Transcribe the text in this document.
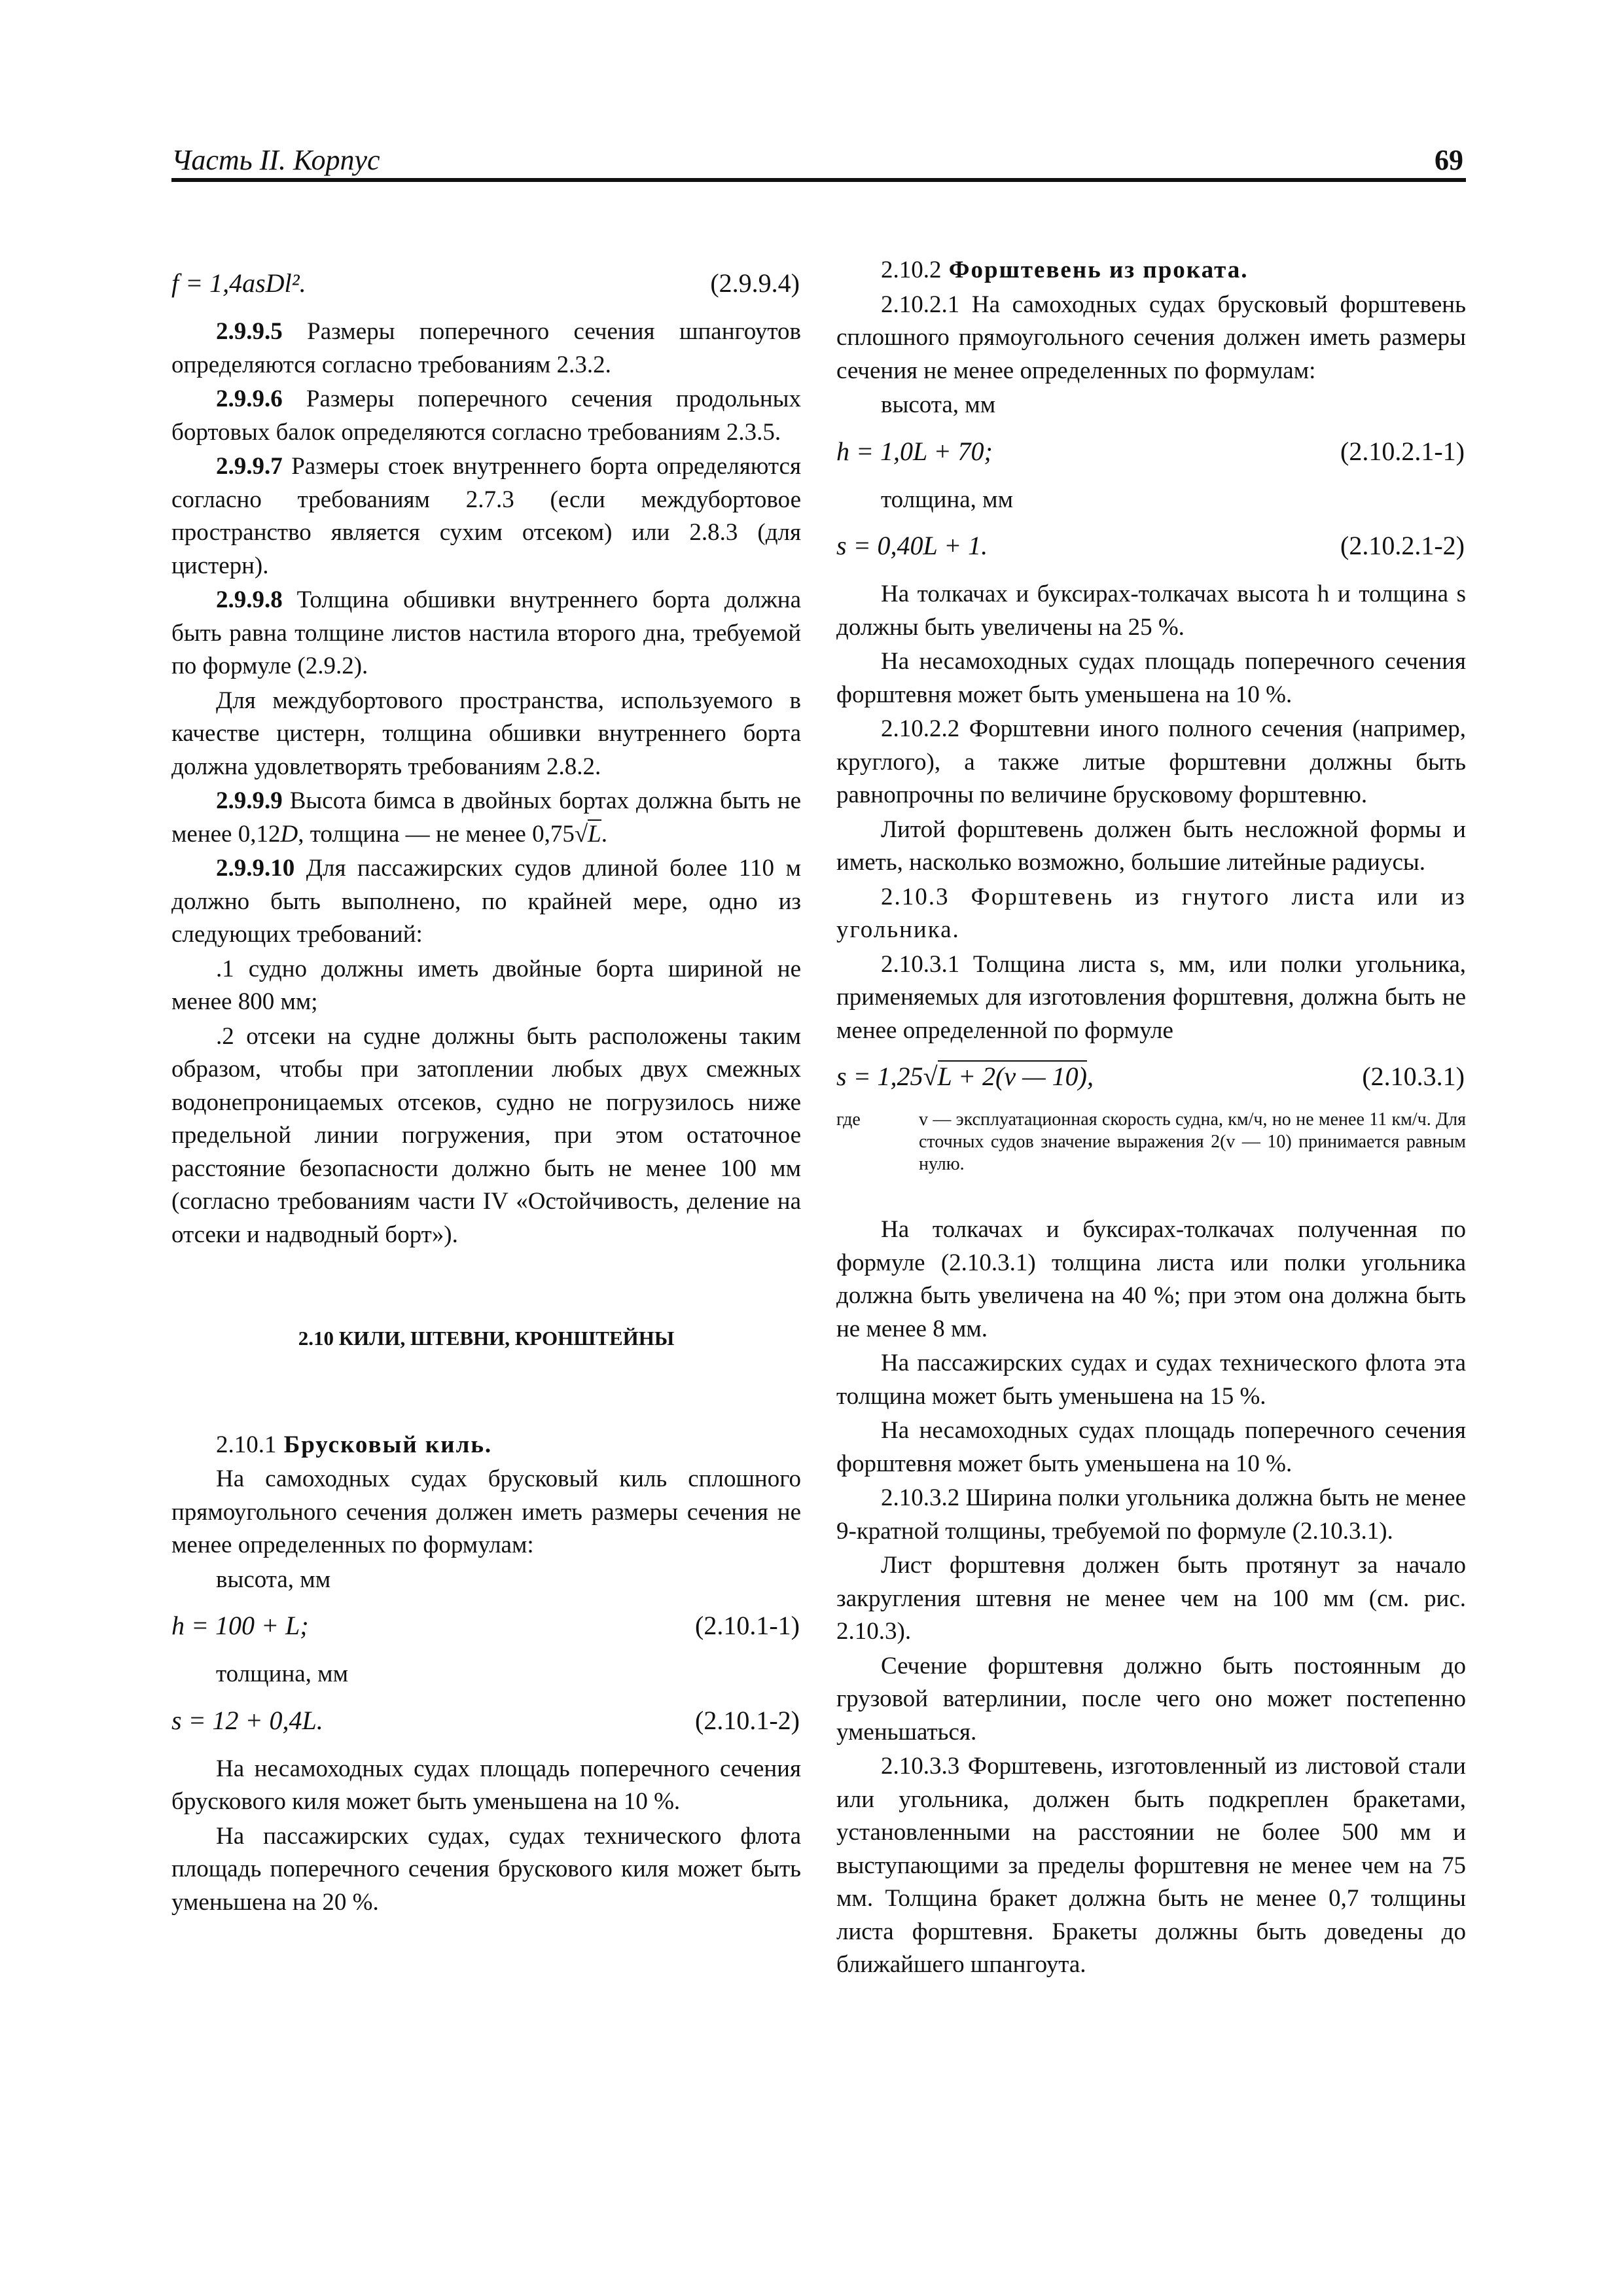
Часть II. Корпус	69
f = 1,4asDl².	(2.9.9.4)

2.9.9.5 Размеры поперечного сечения шпангоутов определяются согласно требованиям 2.3.2.

2.9.9.6 Размеры поперечного сечения продольных бортовых балок определяются согласно требованиям 2.3.5.

2.9.9.7 Размеры стоек внутреннего борта определяются согласно требованиям 2.7.3 (если междубортовое пространство является сухим отсеком) или 2.8.3 (для цистерн).

2.9.9.8 Толщина обшивки внутреннего борта должна быть равна толщине листов настила второго дна, требуемой по формуле (2.9.2).

Для междубортового пространства, используемого в качестве цистерн, толщина обшивки внутреннего борта должна удовлетворять требованиям 2.8.2.

2.9.9.9 Высота бимса в двойных бортах должна быть не менее 0,12D, толщина — не менее 0,75√L.

2.9.9.10 Для пассажирских судов длиной более 110 м должно быть выполнено, по крайней мере, одно из следующих требований:

.1 судно должны иметь двойные борта шириной не менее 800 мм;

.2 отсеки на судне должны быть расположены таким образом, чтобы при затоплении любых двух смежных водонепроницаемых отсеков, судно не погрузилось ниже предельной линии погружения, при этом остаточное расстояние безопасности должно быть не менее 100 мм (согласно требованиям части IV «Остойчивость, деление на отсеки и надводный борт»).

2.10 КИЛИ, ШТЕВНИ, КРОНШТЕЙНЫ

2.10.1 Брусковый киль.

На самоходных судах брусковый киль сплошного прямоугольного сечения должен иметь размеры сечения не менее определенных по формулам:

высота, мм

h = 100 + L;	(2.10.1-1)

толщина, мм

s = 12 + 0,4L.	(2.10.1-2)

На несамоходных судах площадь поперечного сечения брускового киля может быть уменьшена на 10 %.

На пассажирских судах, судах технического флота площадь поперечного сечения брускового киля может быть уменьшена на 20 %.

2.10.2 Форштевень из проката.

2.10.2.1 На самоходных судах брусковый форштевень сплошного прямоугольного сечения должен иметь размеры сечения не менее определенных по формулам:

высота, мм

h = 1,0L + 70;	(2.10.2.1-1)

толщина, мм

s = 0,40L + 1.	(2.10.2.1-2)

На толкачах и буксирах-толкачах высота h и толщина s должны быть увеличены на 25 %.

На несамоходных судах площадь поперечного сечения форштевня может быть уменьшена на 10 %.

2.10.2.2 Форштевни иного полного сечения (например, круглого), а также литые форштевни должны быть равнопрочны по величине брусковому форштевню.

Литой форштевень должен быть несложной формы и иметь, насколько возможно, большие литейные радиусы.

2.10.3 Форштевень из гнутого листа или из угольника.

2.10.3.1 Толщина листа s, мм, или полки угольника, применяемых для изготовления форштевня, должна быть не менее определенной по формуле

s = 1,25√L + 2(v — 10),	(2.10.3.1)
где	v — эксплуатационная скорость судна, км/ч, но не менее 11 км/ч. Для сточных судов значение выражения 2(v — 10) принимается равным нулю.

На толкачах и буксирах-толкачах полученная по формуле (2.10.3.1) толщина листа или полки угольника должна быть увеличена на 40 %; при этом она должна быть не менее 8 мм.

На пассажирских судах и судах технического флота эта толщина может быть уменьшена на 15 %.

На несамоходных судах площадь поперечного сечения форштевня может быть уменьшена на 10 %.

2.10.3.2 Ширина полки угольника должна быть не менее 9-кратной толщины, требуемой по формуле (2.10.3.1).

Лист форштевня должен быть протянут за начало закругления штевня не менее чем на 100 мм (см. рис. 2.10.3).

Сечение форштевня должно быть постоянным до грузовой ватерлинии, после чего оно может постепенно уменьшаться.

2.10.3.3 Форштевень, изготовленный из листовой стали или угольника, должен быть подкреплен бракетами, установленными на расстоянии не более 500 мм и выступающими за пределы форштевня не менее чем на 75 мм. Толщина бракет должна быть не менее 0,7 толщины листа форштевня. Бракеты должны быть доведены до ближайшего шпангоута.
